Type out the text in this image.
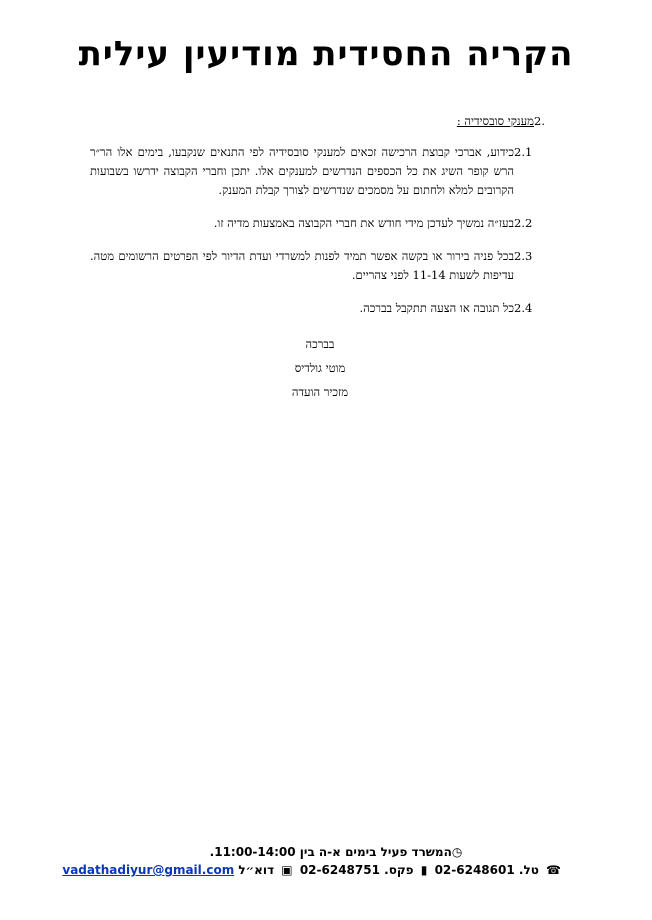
הקריה החסידית מודיעין עילית
2.
מענקי סובסידיה :
2.1
כידוע, אברכי קבוצת הרכישה זכאים למענקי סובסידיה לפי התנאים שנקבעו, בימים אלו הר״ר הרש קופר השיג את כל הכספים הנדרשים למענקים אלו. יתכן וחברי הקבוצה ידרשו בשבועות הקרובים למלא ולחתום על מסמכים שנדרשים לצורך קבלת המענק.
2.2
בעז״ה נמשיך לעדכן מידי חודש את חברי הקבוצה באמצעות מדיה זו.
2.3
בכל פניה בירור או בקשה אפשר תמיד לפנות למשרדי ועדת הדיור לפי הפרטים הרשומים מטה. עדיפות לשעות 11-14 לפני צהריים.
2.4
כל תגובה או הצעה תתקבל בברכה.
בברכה
מוטי גולדיס
מזכיר הועדה
◷המשרד פעיל בימים א-ה בין 11:00-14:00.
☎ טל. 02-6248601 ▮ פקס. 02-6248751 ▣ דוא״ל vadathadiyur@gmail.com
